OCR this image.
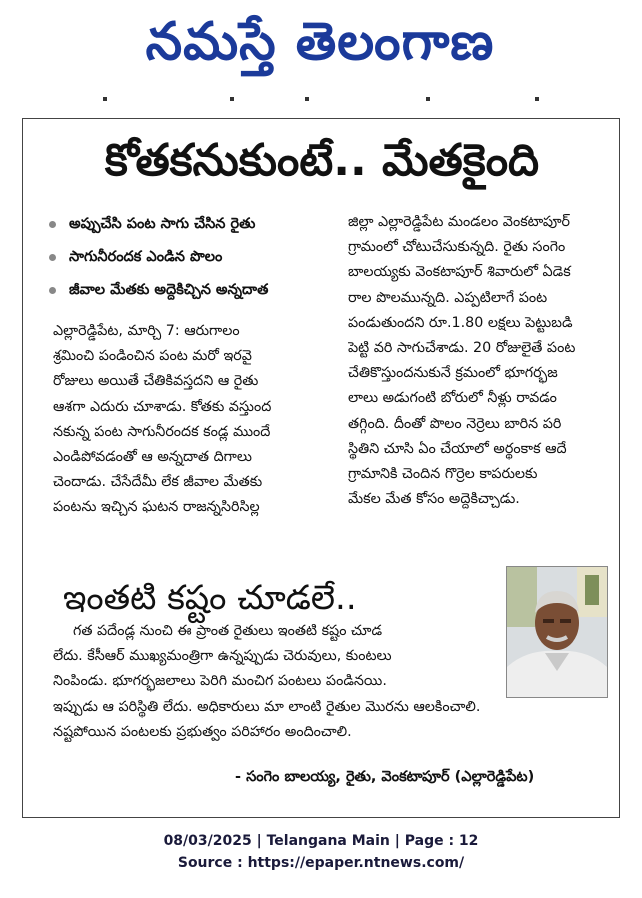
నమస్తే తెలంగాణ
కోతకనుకుంటే.. మేతకైంది
అప్పుచేసి పంట సాగు చేసిన రైతు
సాగునీరందక ఎండిన పొలం
జీవాల మేతకు అద్దెకిచ్చిన అన్నదాత
ఎల్లారెడ్డిపేట, మార్చి 7: ఆరుగాలం
శ్రమించి పండించిన పంట మరో ఇరవై
రోజులు అయితే చేతికివస్తదని ఆ రైతు
ఆశగా ఎదురు చూశాడు. కోతకు వస్తుంద
నకున్న పంట సాగునీరందక కండ్ల ముందే
ఎండిపోవడంతో ఆ అన్నదాత దిగాలు
చెందాడు. చేసేదేమీ లేక జీవాల మేతకు
పంటను ఇచ్చిన ఘటన రాజన్నసిరిసిల్ల
జిల్లా ఎల్లారెడ్డిపేట మండలం వెంకటాపూర్
గ్రామంలో చోటుచేసుకున్నది. రైతు సంగెం
బాలయ్యకు వెంకటాపూర్ శివారులో ఏడెక
రాల పొలమున్నది. ఎప్పటిలాగే పంట
పండుతుందని రూ.1.80 లక్షలు పెట్టుబడి
పెట్టి వరి సాగుచేశాడు. 20 రోజులైతే పంట
చేతికొస్తుందనుకునే క్రమంలో భూగర్భజ
లాలు అడుగంటి బోరులో నీళ్లు రావడం
తగ్గింది. దీంతో పొలం నెర్రెలు బారిన పరి
స్థితిని చూసి ఏం చేయాలో అర్థంకాక ఆదే
గ్రామానికి చెందిన గొర్రెల కాపరులకు
మేకల మేత కోసం అద్దెకిచ్చాడు.
ఇంతటి కష్టం చూడలే..
గత పదేండ్ల నుంచి ఈ ప్రాంత రైతులు ఇంతటి కష్టం చూడ
లేదు. కేసీఆర్ ముఖ్యమంత్రిగా ఉన్నప్పుడు చెరువులు, కుంటలు
నింపిండు. భూగర్భజలాలు పెరిగి మంచిగ పంటలు పండినయి.
ఇప్పుడు ఆ పరిస్థితి లేదు. అధికారులు మా లాంటి రైతుల మొరను ఆలకించాలి.
నష్టపోయిన పంటలకు ప్రభుత్వం పరిహారం అందించాలి.
- సంగెం బాలయ్య, రైతు, వెంకటాపూర్ (ఎల్లారెడ్డిపేట)
08/03/2025 | Telangana Main | Page : 12
Source : https://epaper.ntnews.com/
